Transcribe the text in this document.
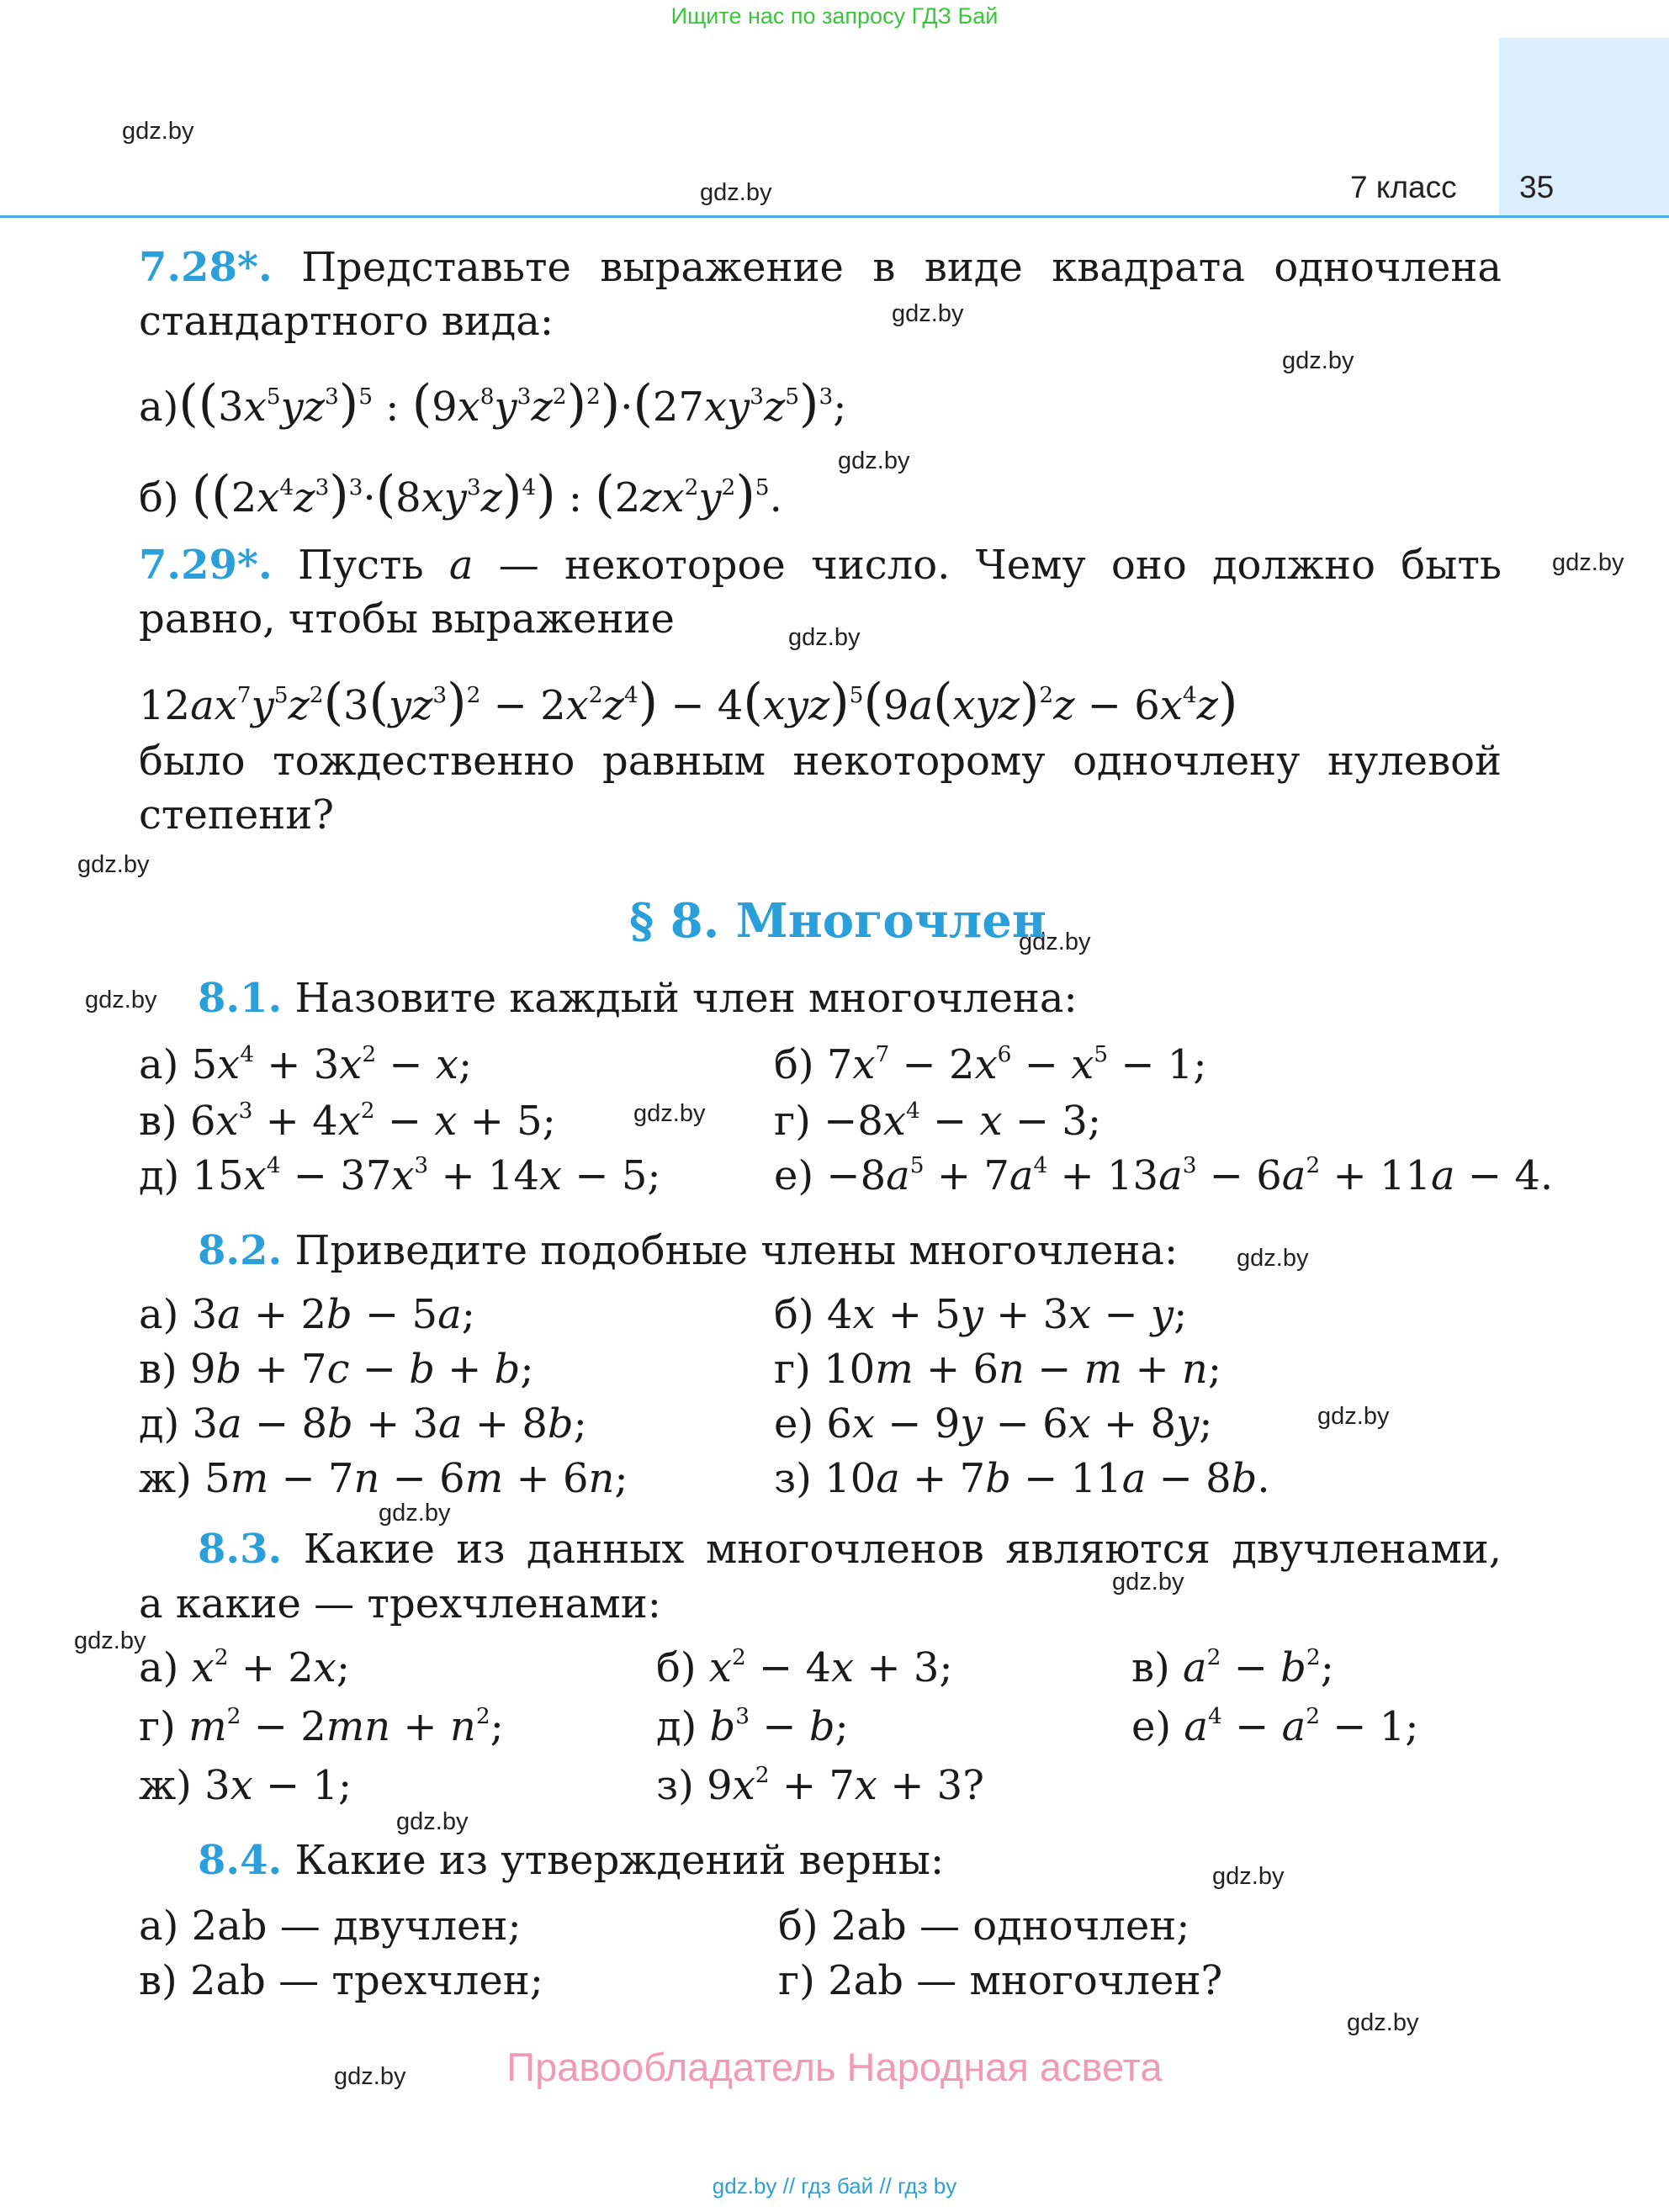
Ищите нас по запросу ГДЗ Бай
7 класс 35
gdz.by
gdz.by
gdz.by
gdz.by
gdz.by
gdz.by
gdz.by
gdz.by
gdz.by
gdz.by
gdz.by
gdz.by
gdz.by
gdz.by
gdz.by
gdz.by
gdz.by
gdz.by
gdz.by
gdz.by
7.28*. Представьте выражение в виде квадрата одночлена
стандартного вида:
$а)((3x^5yz^3)^5$ : $(9x^8y^3z^2)^2)\cdot(27xy^3z^5)^3$;
б) $((2x^4z^3)^3\cdot(8xy^3z)^4)$ : $(2zx^2y^2)^5$.
7.29*. Пусть a — некоторое число. Чему оно должно быть
равно, чтобы выражение
$12ax^7y^5z^2(3(yz^3)^2 - 2x^2z^4) - 4(xyz)^5(9a(xyz)^2z - 6x^4z)$
было тождественно равным некоторому одночлену нулевой
степени?
§ 8. Многочлен
8.1. Назовите каждый член многочлена:
а) $5x^4 + 3x^2 - x$;	б) $7x^7 - 2x^6 - x^5 - 1$;
в) $6x^3 + 4x^2 - x + 5$;	$г) -8x^4 - x - 3$;
д) $15x^4 - 37x^3 + 14x - 5$;	$е) -8a^5 + 7a^4 + 13a^3 - 6a^2 + 11a - 4$.
8.2. Приведите подобные члены многочлена:
а) 3a + 2b − 5a;	б) 4x + 5y + 3x − y;
в) 9b + 7c − b + b;	г) 10m + 6n − m + n;
д) 3a − 8b + 3a + 8b;	е) 6x − 9y − 6x + 8y;
ж) 5m − 7n − 6m + 6n;	з) 10a + 7b − 11a − 8b.
8.3. Какие из данных многочленов являются двучленами,
а какие — трехчленами:
а) $x^2 + 2x$;	б) $x^2 - 4x + 3$;	в) $a^2 - b^2$;
г) $m^2 - 2mn + n^2$;	д) $b^3 - b$;	е) $a^4 - a^2 - 1$;
ж) 3x − 1;	з) $9x^2 + 7x + 3$?
8.4. Какие из утверждений верны:
а) 2ab — двучлен;	б) 2ab — одночлен;
в) 2ab — трехчлен;	г) 2ab — многочлен?
Правообладатель Народная асвета
gdz.by // гдз бай // гдз by
